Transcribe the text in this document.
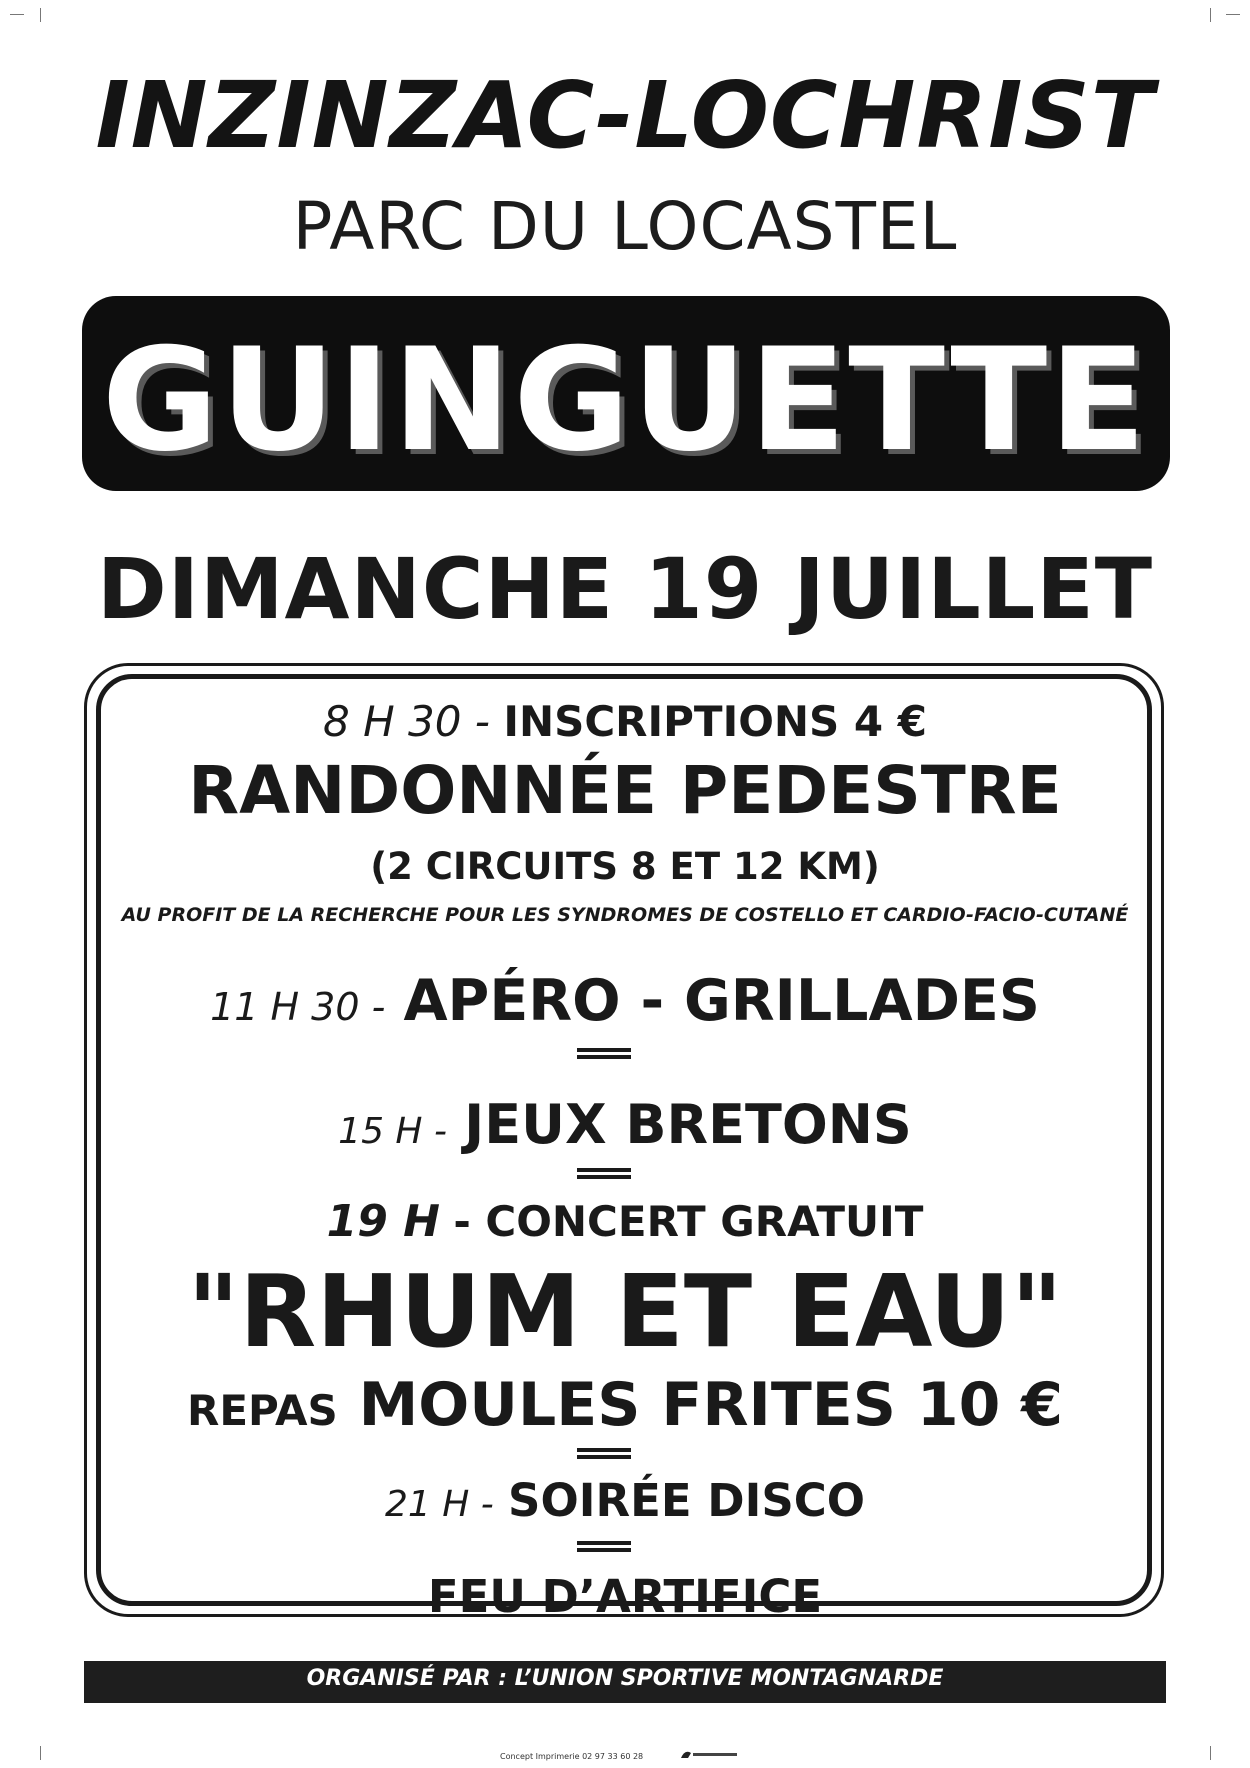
INZINZAC-LOCHRIST
PARC DU LOCASTEL
GUINGUETTE
DIMANCHE 19 JUILLET
8 H 30 - INSCRIPTIONS 4 €
RANDONNÉE PEDESTRE
(2 CIRCUITS 8 ET 12 KM)
AU PROFIT DE LA RECHERCHE POUR LES SYNDROMES DE COSTELLO ET CARDIO-FACIO-CUTANÉ
11 H 30 - APÉRO - GRILLADES
15 H - JEUX BRETONS
19 H - CONCERT GRATUIT
"RHUM ET EAU"
REPAS MOULES FRITES 10 €
21 H - SOIRÉE DISCO
FEU D’ARTIFICE
ORGANISÉ PAR : L’UNION SPORTIVE MONTAGNARDE
Concept Imprimerie 02 97 33 60 28
